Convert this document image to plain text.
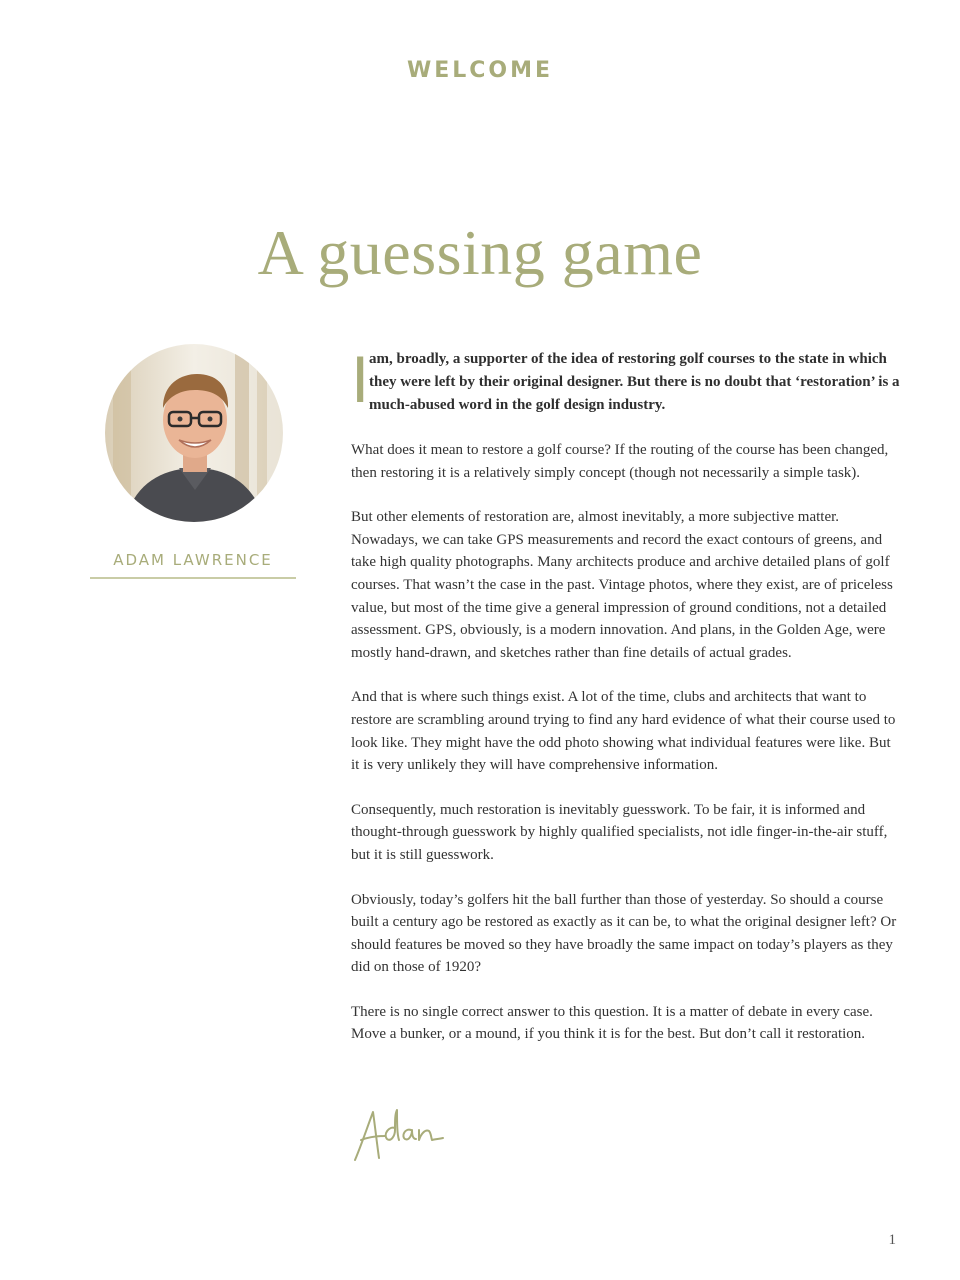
WELCOME
A guessing game

ADAM LAWRENCE

I am, broadly, a supporter of the idea of restoring golf courses to the state in which they were left by their original designer. But there is no doubt that ‘restoration’ is a much-abused word in the golf design industry.

What does it mean to restore a golf course? If the routing of the course has been changed, then restoring it is a relatively simply concept (though not necessarily a simple task).

But other elements of restoration are, almost inevitably, a more subjective matter. Nowadays, we can take GPS measurements and record the exact contours of greens, and take high quality photographs. Many architects produce and archive detailed plans of golf courses. That wasn’t the case in the past. Vintage photos, where they exist, are of priceless value, but most of the time give a general impression of ground conditions, not a detailed assessment. GPS, obviously, is a modern innovation. And plans, in the Golden Age, were mostly hand-drawn, and sketches rather than fine details of actual grades.

And that is where such things exist. A lot of the time, clubs and architects that want to restore are scrambling around trying to find any hard evidence of what their course used to look like. They might have the odd photo showing what individual features were like. But it is very unlikely they will have comprehensive information.

Consequently, much restoration is inevitably guesswork. To be fair, it is informed and thought-through guesswork by highly qualified specialists, not idle finger-in-the-air stuff, but it is still guesswork.

Obviously, today’s golfers hit the ball further than those of yesterday. So should a course built a century ago be restored as exactly as it can be, to what the original designer left? Or should features be moved so they have broadly the same impact on today’s players as they did on those of 1920?

There is no single correct answer to this question. It is a matter of debate in every case. Move a bunker, or a mound, if you think it is for the best. But don’t call it restoration.

1
